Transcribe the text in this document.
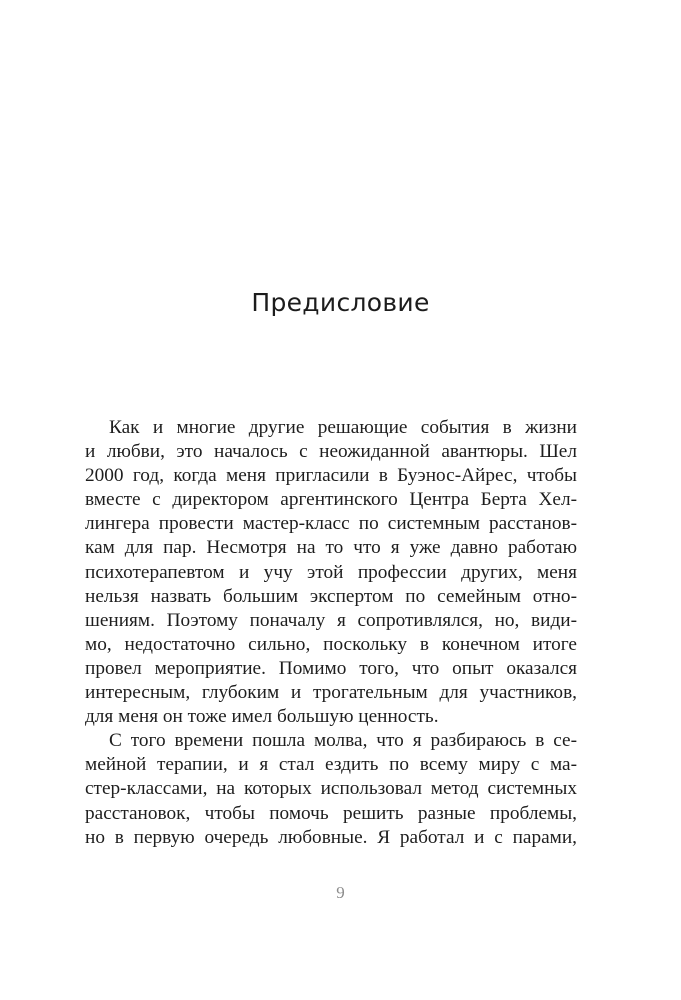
Предисловие
Как и многие другие решающие события в жизни
и любви, это началось с неожиданной авантюры. Шел
2000 год, когда меня пригласили в Буэнос-Айрес, чтобы
вместе с директором аргентинского Центра Берта Хел-
лингера провести мастер-класс по системным расстанов-
кам для пар. Несмотря на то что я уже давно работаю
психотерапевтом и учу этой профессии других, меня
нельзя назвать большим экспертом по семейным отно-
шениям. Поэтому поначалу я сопротивлялся, но, види-
мо, недостаточно сильно, поскольку в конечном итоге
провел мероприятие. Помимо того, что опыт оказался
интересным, глубоким и трогательным для участников,
для меня он тоже имел большую ценность.
С того времени пошла молва, что я разбираюсь в се-
мейной терапии, и я стал ездить по всему миру с ма-
стер-классами, на которых использовал метод системных
расстановок, чтобы помочь решить разные проблемы,
но в первую очередь любовные. Я работал и с парами,
9
